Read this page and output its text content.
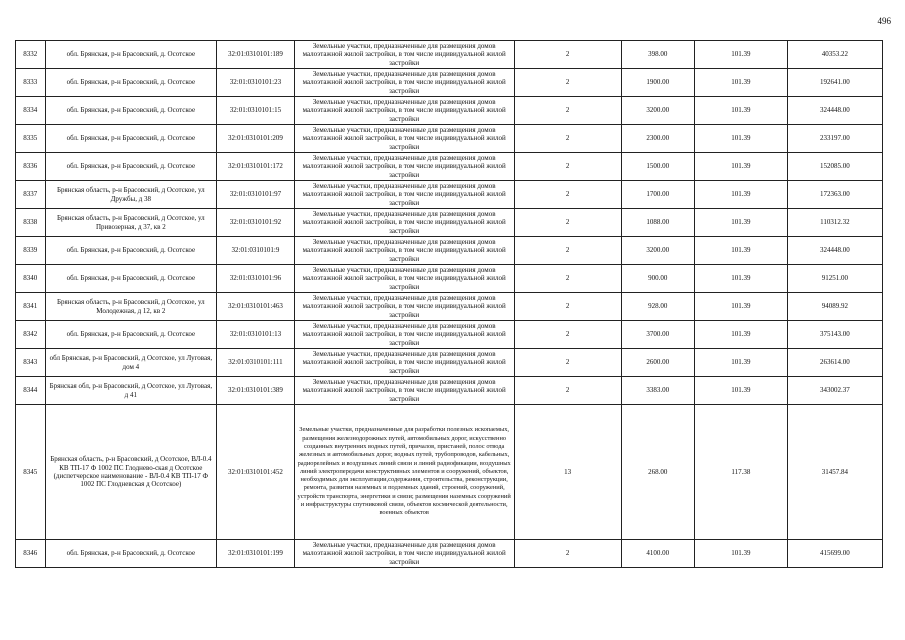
496
8332	обл. Брянская, р-н Брасовский, д. Осотское	32:01:0310101:189	Земельные участки, предназначенные для размещения домов малоэтажной жилой застройки, в том числе индивидуальной жилой застройки	2	398.00	101.39	40353.22
8333	обл. Брянская, р-н Брасовский, д. Осотское	32:01:0310101:23	Земельные участки, предназначенные для размещения домов малоэтажной жилой застройки, в том числе индивидуальной жилой застройки	2	1900.00	101.39	192641.00
8334	обл. Брянская, р-н Брасовский, д. Осотское	32:01:0310101:15	Земельные участки, предназначенные для размещения домов малоэтажной жилой застройки, в том числе индивидуальной жилой застройки	2	3200.00	101.39	324448.00
8335	обл. Брянская, р-н Брасовский, д. Осотское	32:01:0310101:209	Земельные участки, предназначенные для размещения домов малоэтажной жилой застройки, в том числе индивидуальной жилой застройки	2	2300.00	101.39	233197.00
8336	обл. Брянская, р-н Брасовский, д. Осотское	32:01:0310101:172	Земельные участки, предназначенные для размещения домов малоэтажной жилой застройки, в том числе индивидуальной жилой застройки	2	1500.00	101.39	152085.00
8337	Брянская область, р-н Брасовский, д Осотское, ул Дружбы, д 38	32:01:0310101:97	Земельные участки, предназначенные для размещения домов малоэтажной жилой застройки, в том числе индивидуальной жилой застройки	2	1700.00	101.39	172363.00
8338	Брянская область, р-н Брасовский, д Осотское, ул Привозерная, д 37, кв 2	32:01:0310101:92	Земельные участки, предназначенные для размещения домов малоэтажной жилой застройки, в том числе индивидуальной жилой застройки	2	1088.00	101.39	110312.32
8339	обл. Брянская, р-н Брасовский, д. Осотское	32:01:0310101:9	Земельные участки, предназначенные для размещения домов малоэтажной жилой застройки, в том числе индивидуальной жилой застройки	2	3200.00	101.39	324448.00
8340	обл. Брянская, р-н Брасовский, д. Осотское	32:01:0310101:96	Земельные участки, предназначенные для размещения домов малоэтажной жилой застройки, в том числе индивидуальной жилой застройки	2	900.00	101.39	91251.00
8341	Брянская область, р-н Брасовский, д Осотское, ул Молодежная, д 12, кв 2	32:01:0310101:463	Земельные участки, предназначенные для размещения домов малоэтажной жилой застройки, в том числе индивидуальной жилой застройки	2	928.00	101.39	94089.92
8342	обл. Брянская, р-н Брасовский, д. Осотское	32:01:0310101:13	Земельные участки, предназначенные для размещения домов малоэтажной жилой застройки, в том числе индивидуальной жилой застройки	2	3700.00	101.39	375143.00
8343	обл Брянская, р-н Брасовский, д Осотское, ул Луговая, дом 4	32:01:0310101:111	Земельные участки, предназначенные для размещения домов малоэтажной жилой застройки, в том числе индивидуальной жилой застройки	2	2600.00	101.39	263614.00
8344	Брянская обл, р-н Брасовский, д Осотское, ул Луговая, д 41	32:01:0310101:389	Земельные участки, предназначенные для размещения домов малоэтажной жилой застройки, в том числе индивидуальной жилой застройки	2	3383.00	101.39	343002.37
8345	Брянская область, р-н Брасовский, д Осотское, ВЛ-0.4 КВ ТП-17 Ф 1002 ПС Глоднево-ская д Осотское (диспетчерское наименование - ВЛ-0.4 КВ ТП-17 Ф 1002 ПС Глодневская д Осотское)	32:01:0310101:452	Земельные участки, предназначенные для разработки полезных ископаемых, размещения железнодорожных путей, автомобильных дорог, искусственно созданных внутренних водных путей, причалов, пристаней, полос отвода железных и автомобильных дорог, водных путей, трубопроводов, кабельных, радиорелейных и воздушных линий связи и линий радиофикации, воздушных линий электропередачи конструктивных элементов и сооружений, объектов, необходимых для эксплуатации,содержания, строительства, реконструкции, ремонта, развития наземных и подземных зданий, строений, сооружений, устройств транспорта, энергетики и связи; размещения наземных сооружений и инфраструктуры спутниковой связи, объектов космической деятельности, военных объектов	13	268.00	117.38	31457.84
8346	обл. Брянская, р-н Брасовский, д. Осотское	32:01:0310101:199	Земельные участки, предназначенные для размещения домов малоэтажной жилой застройки, в том числе индивидуальной жилой застройки	2	4100.00	101.39	415699.00
